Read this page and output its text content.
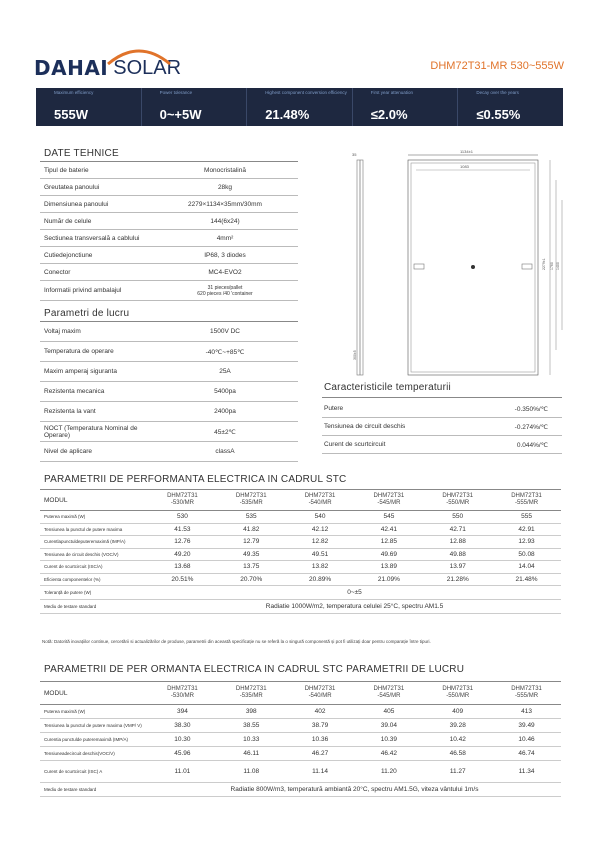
DAHAI SOLAR	DHM72T31-MR 530~555W
Maximum efficiency
555W
Power tolerance
0~+5W
Highest component conversion efficiency
21.48%
First year attenuation
≤2.0%
Decay over the years
≤0.55%
DATE TEHNICE
Tipul de baterie	Monocristalină
Greutatea panoului	28kg
Dimensiunea panoului	2279×1134×35mm/30mm
Număr de celule	144(6x24)
Sectiunea transversală a cablului	4mm²
Cutiedejonctiune	IP68, 3 diodes
Conector	MC4-EVO2
Informatii privind ambalajul	31 pieces/pallet
620 pieces /40 'container
Parametri de lucru
Voltaj maxim	1500V DC
Temperatura de operare	-40℃~+85℃
Maxim amperaj siguranta	25A
Rezistenta mecanica	5400pa
Rezistenta la vant	2400pa
NOCT (Temperatura Nominal de Operare)	45±2℃
Nivel de aplicare	classA
1134±1
1083
35
2279±1 1760 1400
300±5
Caracteristicile temperaturii
Putere	-0.350%/℃
Tensiunea de circuit deschis	-0.274%/℃
Curent de scurtcircuit	0.044%/℃
PARAMETRII DE PERFORMANTA ELECTRICA IN CADRUL STC
MODUL
DHM72T31
-530/MR
DHM72T31
-535/MR
DHM72T31
-540/MR
DHM72T31
-545/MR
DHM72T31
-550/MR
DHM72T31
-555/MR
Puterea maximă (W)	530	535	540	545	550	555
Tensiunea la punctul de putere maxima	41.53	41.82	42.12	42.41	42.71	42.91
Curentlapunctuldeputeremaximă (IMP/A)	12.76	12.79	12.82	12.85	12.88	12.93
Tensiunea de circuit deschis (VOC/V)	49.20	49.35	49.51	49.69	49.88	50.08
Curent de scurtcircuit (ISC/A)	13.68	13.75	13.82	13.89	13.97	14.04
Eficienta componentelor (%)	20.51%	20.70%	20.89%	21.09%	21.28%	21.48%
Toleranță de putere (W)	0~±5
Mediu de testare standard	Radiatie 1000W/m2, temperatura celulei 25°C, spectru AM1.5
Notă: Datorită inovațiilor continue, cercetării si actualizărilor de produse, parametrii din această specificație nu se referă la o singură componentă și pot fi utilizați doar pentru comparație între tipuri.
PARAMETRII DE PER ORMANTA ELECTRICA IN CADRUL STC PARAMETRII DE LUCRU
MODUL
DHM72T31
-530/MR
DHM72T31
-535/MR
DHM72T31
-540/MR
DHM72T31
-545/MR
DHM72T31
-550/MR
DHM72T31
-555/MR
Puterea maximă (W)	394	398	402	405	409	413
Tensiunea la punctul de putere maxima (VMP/ V)	38.30	38.55	38.79	39.04	39.28	39.49
Curentia punctulde puteremaximă (IMP/A)	10.30	10.33	10.36	10.39	10.42	10.46
Tensiuneadecircuit deschis(VOC/V)	45.96	46.11	46.27	46.42	46.58	46.74
Curent de scurtcircuit (ISC) A	11.01	11.08	11.14	11.20	11.27	11.34
Mediu de testare standard	Radiatie 800W/m3, temperatură ambiantă 20°C, spectru AM1.5G, viteza vântului 1m/s
